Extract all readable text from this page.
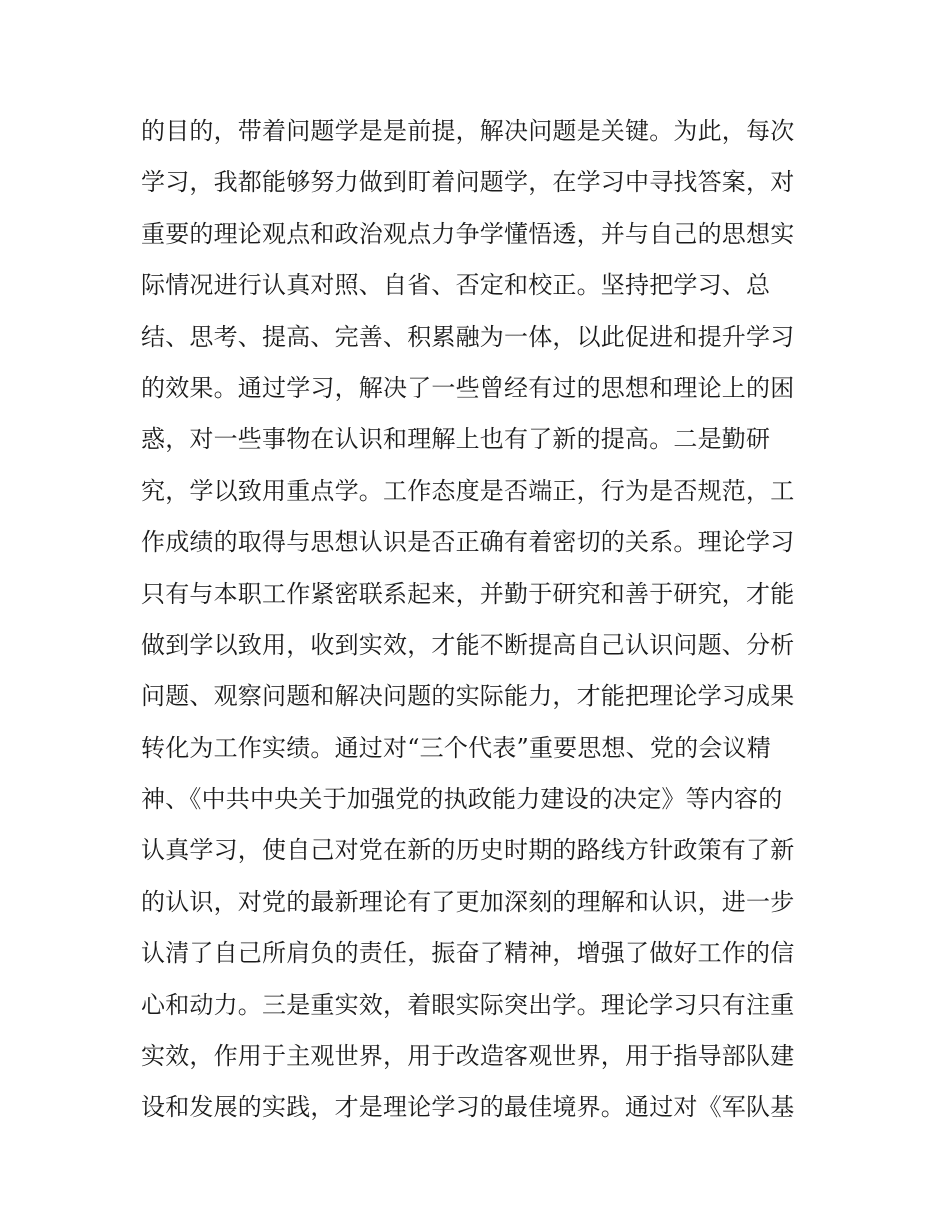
的目的，带着问题学是是前提，解决问题是关键。为此，每次
学习，我都能够努力做到盯着问题学，在学习中寻找答案，对
重要的理论观点和政治观点力争学懂悟透，并与自己的思想实
际情况进行认真对照、自省、否定和校正。坚持把学习、总
结、思考、提高、完善、积累融为一体，以此促进和提升学习
的效果。通过学习，解决了一些曾经有过的思想和理论上的困
惑，对一些事物在认识和理解上也有了新的提高。二是勤研
究，学以致用重点学。工作态度是否端正，行为是否规范，工
作成绩的取得与思想认识是否正确有着密切的关系。理论学习
只有与本职工作紧密联系起来，并勤于研究和善于研究，才能
做到学以致用，收到实效，才能不断提高自己认识问题、分析
问题、观察问题和解决问题的实际能力，才能把理论学习成果
转化为工作实绩。通过对“三个代表”重要思想、党的会议精
神、《中共中央关于加强党的执政能力建设的决定》等内容的
认真学习，使自己对党在新的历史时期的路线方针政策有了新
的认识，对党的最新理论有了更加深刻的理解和认识，进一步
认清了自己所肩负的责任，振奋了精神，增强了做好工作的信
心和动力。三是重实效，着眼实际突出学。理论学习只有注重
实效，作用于主观世界，用于改造客观世界，用于指导部队建
设和发展的实践，才是理论学习的最佳境界。通过对《军队基
